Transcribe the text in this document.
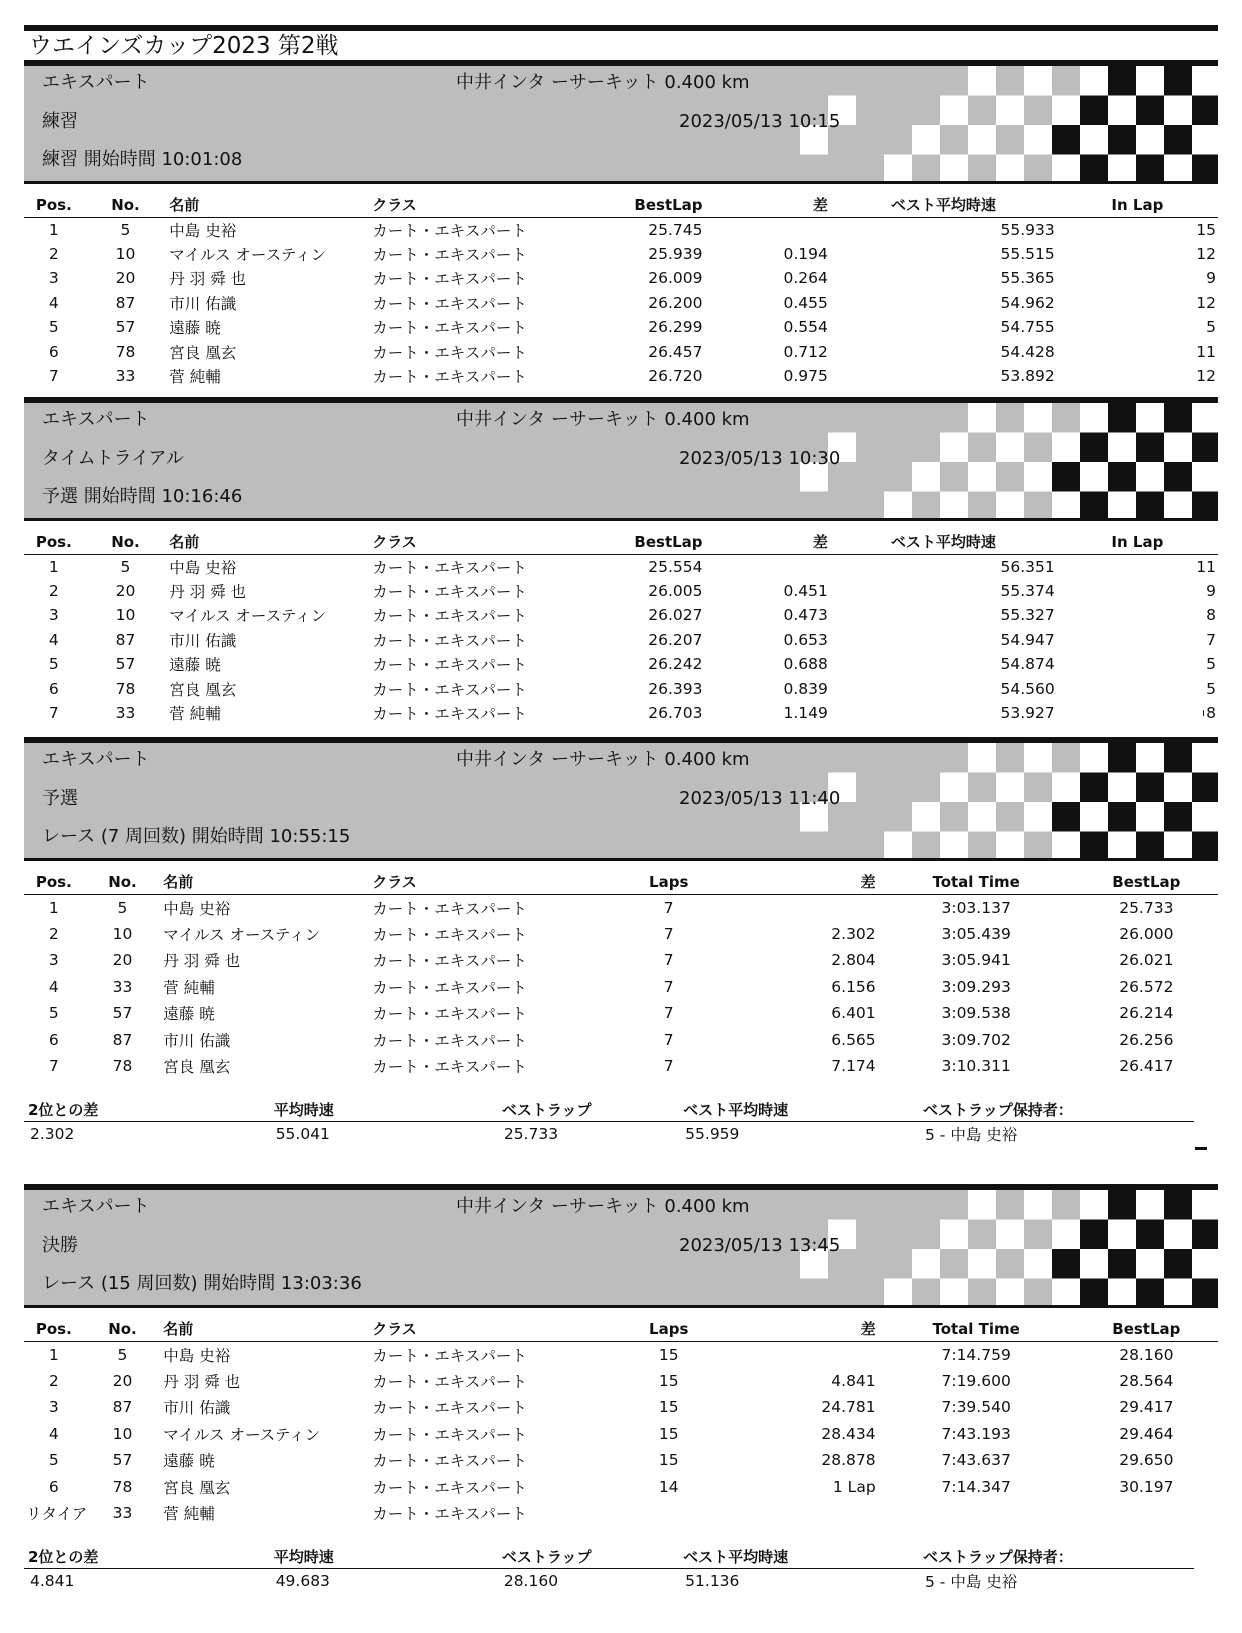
ウエインズカップ2023 第2戦
エキスパート
練習
練習 開始時間 10:01:08
中井インタ ーサーキット 0.400 km
2023/05/13 10:15
Pos.	No.	名前	クラス	BestLap	差	ベスト平均時速	In Lap
1	5	中島 史裕	カート・エキスパート	25.745		55.933	15
2	10	マイルス オースティン	カート・エキスパート	25.939	0.194	55.515	12
3	20	丹 羽 舜 也	カート・エキスパート	26.009	0.264	55.365	9
4	87	市川 佑識	カート・エキスパート	26.200	0.455	54.962	12
5	57	遠藤 暁	カート・エキスパート	26.299	0.554	54.755	5
6	78	宮良 凰玄	カート・エキスパート	26.457	0.712	54.428	11
7	33	菅 純輔	カート・エキスパート	26.720	0.975	53.892	12
エキスパート
タイムトライアル
予選 開始時間 10:16:46
中井インタ ーサーキット 0.400 km
2023/05/13 10:30
Pos.	No.	名前	クラス	BestLap	差	ベスト平均時速	In Lap
1	5	中島 史裕	カート・エキスパート	25.554		56.351	11
2	20	丹 羽 舜 也	カート・エキスパート	26.005	0.451	55.374	9
3	10	マイルス オースティン	カート・エキスパート	26.027	0.473	55.327	8
4	87	市川 佑識	カート・エキスパート	26.207	0.653	54.947	7
5	57	遠藤 暁	カート・エキスパート	26.242	0.688	54.874	5
6	78	宮良 凰玄	カート・エキスパート	26.393	0.839	54.560	5
7	33	菅 純輔	カート・エキスパート	26.703	1.149	53.927	8
エキスパート
予選
レース (7 周回数) 開始時間 10:55:15
中井インタ ーサーキット 0.400 km
2023/05/13 11:40
Pos.	No.	名前	クラス	Laps	差	Total Time	BestLap
1	5	中島 史裕	カート・エキスパート	7		3:03.137	25.733
2	10	マイルス オースティン	カート・エキスパート	7	2.302	3:05.439	26.000
3	20	丹 羽 舜 也	カート・エキスパート	7	2.804	3:05.941	26.021
4	33	菅 純輔	カート・エキスパート	7	6.156	3:09.293	26.572
5	57	遠藤 暁	カート・エキスパート	7	6.401	3:09.538	26.214
6	87	市川 佑識	カート・エキスパート	7	6.565	3:09.702	26.256
7	78	宮良 凰玄	カート・エキスパート	7	7.174	3:10.311	26.417
2位との差	平均時速	ベストラップ	ベスト平均時速	ベストラップ保持者：
2.302	55.041	25.733	55.959	5 - 中島 史裕
エキスパート
決勝
レース (15 周回数) 開始時間 13:03:36
中井インタ ーサーキット 0.400 km
2023/05/13 13:45
Pos.	No.	名前	クラス	Laps	差	Total Time	BestLap
1	5	中島 史裕	カート・エキスパート	15		7:14.759	28.160
2	20	丹 羽 舜 也	カート・エキスパート	15	4.841	7:19.600	28.564
3	87	市川 佑識	カート・エキスパート	15	24.781	7:39.540	29.417
4	10	マイルス オースティン	カート・エキスパート	15	28.434	7:43.193	29.464
5	57	遠藤 暁	カート・エキスパート	15	28.878	7:43.637	29.650
6	78	宮良 凰玄	カート・エキスパート	14	1 Lap	7:14.347	30.197
リタイア	33	菅 純輔	カート・エキスパート				
2位との差	平均時速	ベストラップ	ベスト平均時速	ベストラップ保持者：
4.841	49.683	28.160	51.136	5 - 中島 史裕
